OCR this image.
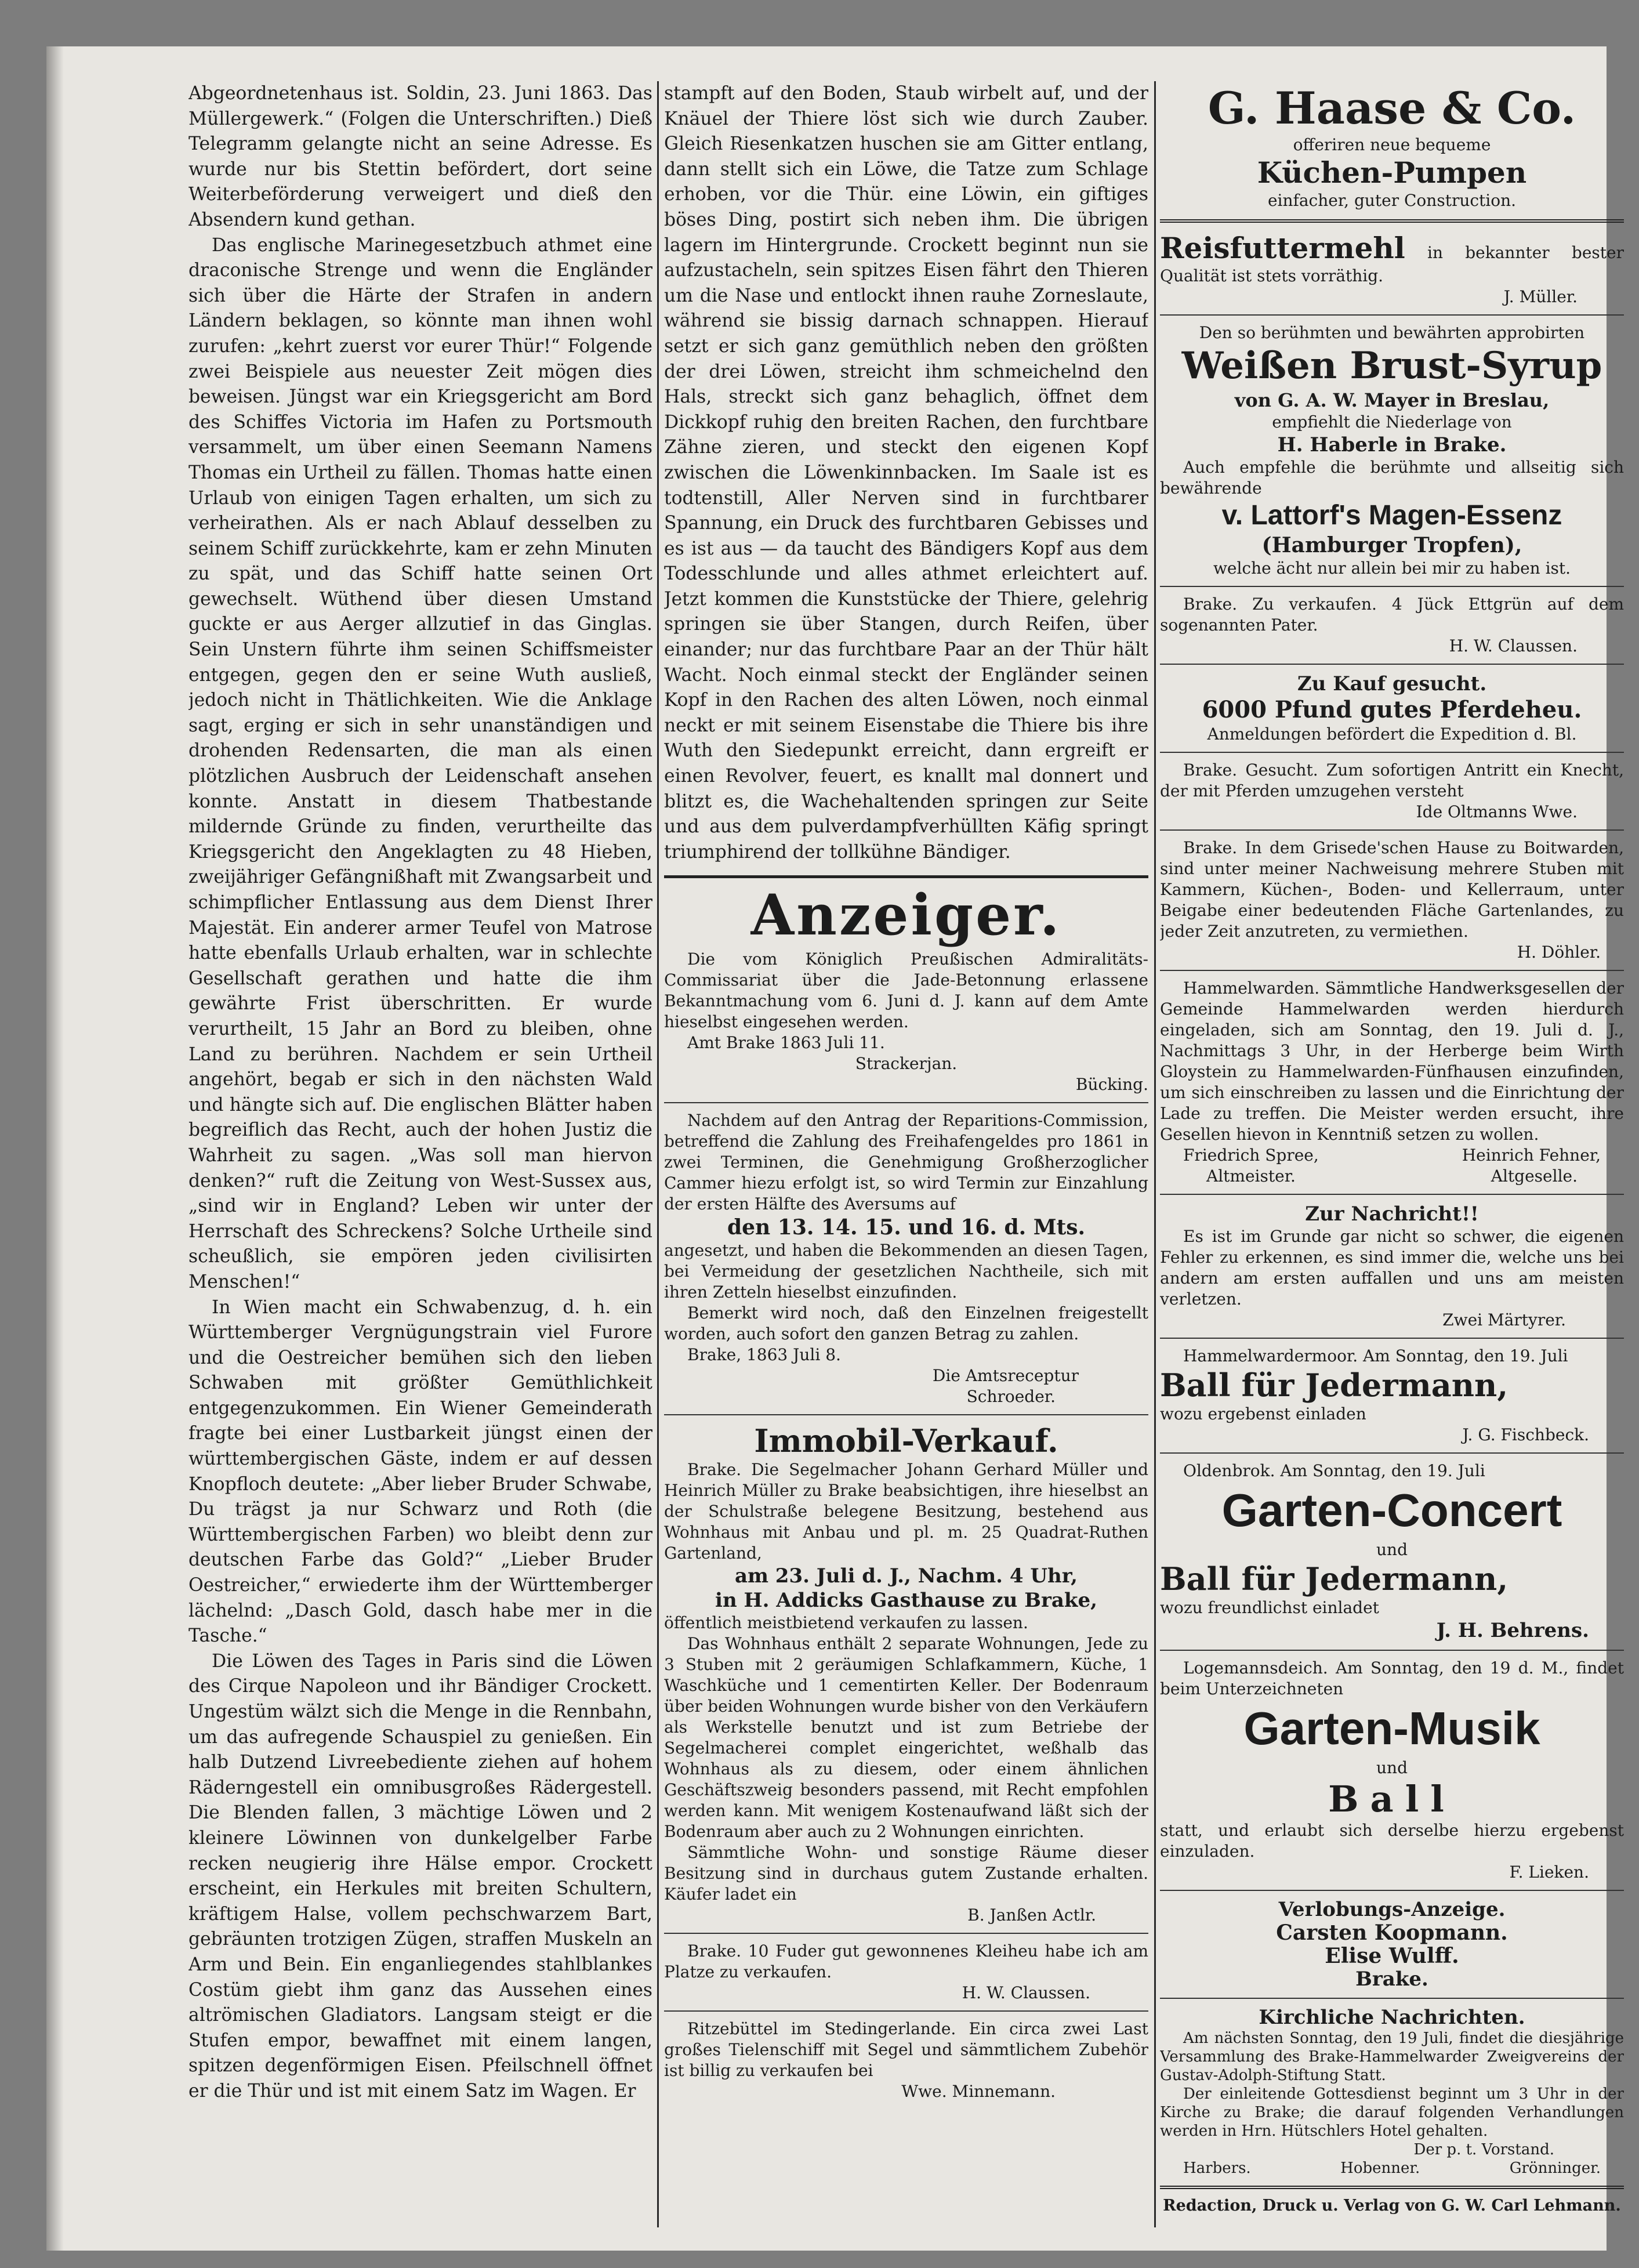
Abgeordnetenhaus ist. Soldin, 23. Juni 1863. Das Müllergewerk.“ (Folgen die Unterschriften.) Dieß Telegramm gelangte nicht an seine Adresse. Es wurde nur bis Stettin befördert, dort seine Weiterbeförderung verweigert und dieß den Absendern kund gethan.

Das englische Marinegesetzbuch athmet eine draconische Strenge und wenn die Engländer sich über die Härte der Strafen in andern Ländern beklagen, so könnte man ihnen wohl zurufen: „kehrt zuerst vor eurer Thür!“ Folgende zwei Beispiele aus neuester Zeit mögen dies beweisen. Jüngst war ein Kriegsgericht am Bord des Schiffes Victoria im Hafen zu Portsmouth versammelt, um über einen Seemann Namens Thomas ein Urtheil zu fällen. Thomas hatte einen Urlaub von einigen Tagen erhalten, um sich zu verheirathen. Als er nach Ablauf desselben zu seinem Schiff zurückkehrte, kam er zehn Minuten zu spät, und das Schiff hatte seinen Ort gewechselt. Wüthend über diesen Umstand guckte er aus Aerger allzutief in das Ginglas. Sein Unstern führte ihm seinen Schiffsmeister entgegen, gegen den er seine Wuth ausließ, jedoch nicht in Thätlichkeiten. Wie die Anklage sagt, erging er sich in sehr unanständigen und drohenden Redensarten, die man als einen plötzlichen Ausbruch der Leidenschaft ansehen konnte. Anstatt in diesem Thatbestande mildernde Gründe zu finden, verurtheilte das Kriegsgericht den Angeklagten zu 48 Hieben, zweijähriger Gefängnißhaft mit Zwangsarbeit und schimpflicher Entlassung aus dem Dienst Ihrer Majestät. Ein anderer armer Teufel von Matrose hatte ebenfalls Urlaub erhalten, war in schlechte Gesellschaft gerathen und hatte die ihm gewährte Frist überschritten. Er wurde verurtheilt, 15 Jahr an Bord zu bleiben, ohne Land zu berühren. Nachdem er sein Urtheil angehört, begab er sich in den nächsten Wald und hängte sich auf. Die englischen Blätter haben begreiflich das Recht, auch der hohen Justiz die Wahrheit zu sagen. „Was soll man hiervon denken?“ ruft die Zeitung von West-Sussex aus, „sind wir in England? Leben wir unter der Herrschaft des Schreckens? Solche Urtheile sind scheußlich, sie empören jeden civilisirten Menschen!“

In Wien macht ein Schwabenzug, d. h. ein Württemberger Vergnügungstrain viel Furore und die Oestreicher bemühen sich den lieben Schwaben mit größter Gemüthlichkeit entgegenzukommen. Ein Wiener Gemeinderath fragte bei einer Lustbarkeit jüngst einen der württembergischen Gäste, indem er auf dessen Knopfloch deutete: „Aber lieber Bruder Schwabe, Du trägst ja nur Schwarz und Roth (die Württembergischen Farben) wo bleibt denn zur deutschen Farbe das Gold?“ „Lieber Bruder Oestreicher,“ erwiederte ihm der Württemberger lächelnd: „Dasch Gold, dasch habe mer in die Tasche.“

Die Löwen des Tages in Paris sind die Löwen des Cirque Napoleon und ihr Bändiger Crockett. Ungestüm wälzt sich die Menge in die Rennbahn, um das aufregende Schauspiel zu genießen. Ein halb Dutzend Livreebediente ziehen auf hohem Räderngestell ein omnibusgroßes Rädergestell. Die Blenden fallen, 3 mächtige Löwen und 2 kleinere Löwinnen von dunkelgelber Farbe recken neugierig ihre Hälse empor. Crockett erscheint, ein Herkules mit breiten Schultern, kräftigem Halse, vollem pechschwarzem Bart, gebräunten trotzigen Zügen, straffen Muskeln an Arm und Bein. Ein enganliegendes stahlblankes Costüm giebt ihm ganz das Aussehen eines altrömischen Gladiators. Langsam steigt er die Stufen empor, bewaffnet mit einem langen, spitzen degenförmigen Eisen. Pfeilschnell öffnet er die Thür und ist mit einem Satz im Wagen. Er

stampft auf den Boden, Staub wirbelt auf, und der Knäuel der Thiere löst sich wie durch Zauber. Gleich Riesenkatzen huschen sie am Gitter entlang, dann stellt sich ein Löwe, die Tatze zum Schlage erhoben, vor die Thür. eine Löwin, ein giftiges böses Ding, postirt sich neben ihm. Die übrigen lagern im Hintergrunde. Crockett beginnt nun sie aufzustacheln, sein spitzes Eisen fährt den Thieren um die Nase und entlockt ihnen rauhe Zorneslaute, während sie bissig darnach schnappen. Hierauf setzt er sich ganz gemüthlich neben den größten der drei Löwen, streicht ihm schmeichelnd den Hals, streckt sich ganz behaglich, öffnet dem Dickkopf ruhig den breiten Rachen, den furchtbare Zähne zieren, und steckt den eigenen Kopf zwischen die Löwenkinnbacken. Im Saale ist es todtenstill, Aller Nerven sind in furchtbarer Spannung, ein Druck des furchtbaren Gebisses und es ist aus — da taucht des Bändigers Kopf aus dem Todesschlunde und alles athmet erleichtert auf. Jetzt kommen die Kunststücke der Thiere, gelehrig springen sie über Stangen, durch Reifen, über einander; nur das furchtbare Paar an der Thür hält Wacht. Noch einmal steckt der Engländer seinen Kopf in den Rachen des alten Löwen, noch einmal neckt er mit seinem Eisenstabe die Thiere bis ihre Wuth den Siedepunkt erreicht, dann ergreift er einen Revolver, feuert, es knallt mal donnert und blitzt es, die Wachehaltenden springen zur Seite und aus dem pulverdampfverhüllten Käfig springt triumphirend der tollkühne Bändiger.

Anzeiger.

Die vom Königlich Preußischen Admiralitäts-Commissariat über die Jade-Betonnung erlassene Bekanntmachung vom 6. Juni d. J. kann auf dem Amte hieselbst eingesehen werden.

Amt Brake 1863 Juli 11.

Strackerjan.

Bücking.

Nachdem auf den Antrag der Reparitions-Commission, betreffend die Zahlung des Freihafengeldes pro 1861 in zwei Terminen, die Genehmigung Großherzoglicher Cammer hiezu erfolgt ist, so wird Termin zur Einzahlung der ersten Hälfte des Aversums auf

den 13. 14. 15. und 16. d. Mts.

angesetzt, und haben die Bekommenden an diesen Tagen, bei Vermeidung der gesetzlichen Nachtheile, sich mit ihren Zetteln hieselbst einzufinden.

Bemerkt wird noch, daß den Einzelnen freigestellt worden, auch sofort den ganzen Betrag zu zahlen.

Brake, 1863 Juli 8.

Die Amtsreceptur

Schroeder.

Immobil-Verkauf.

Brake. Die Segelmacher Johann Gerhard Müller und Heinrich Müller zu Brake beabsichtigen, ihre hieselbst an der Schulstraße belegene Besitzung, bestehend aus Wohnhaus mit Anbau und pl. m. 25 Quadrat-Ruthen Gartenland,

am 23. Juli d. J., Nachm. 4 Uhr,

in H. Addicks Gasthause zu Brake,

öffentlich meistbietend verkaufen zu lassen.

Das Wohnhaus enthält 2 separate Wohnungen, Jede zu 3 Stuben mit 2 geräumigen Schlafkammern, Küche, 1 Waschküche und 1 cementirten Keller. Der Bodenraum über beiden Wohnungen wurde bisher von den Verkäufern als Werkstelle benutzt und ist zum Betriebe der Segelmacherei complet eingerichtet, weßhalb das Wohnhaus als zu diesem, oder einem ähnlichen Geschäftszweig besonders passend, mit Recht empfohlen werden kann. Mit wenigem Kostenaufwand läßt sich der Bodenraum aber auch zu 2 Wohnungen einrichten.

Sämmtliche Wohn- und sonstige Räume dieser Besitzung sind in durchaus gutem Zustande erhalten. Käufer ladet ein

B. Janßen Actlr.

Brake. 10 Fuder gut gewonnenes Kleiheu habe ich am Platze zu verkaufen.

H. W. Claussen.

Ritzebüttel im Stedingerlande. Ein circa zwei Last großes Tielenschiff mit Segel und sämmtlichem Zubehör ist billig zu verkaufen bei

Wwe. Minnemann.

G. Haase & Co.

offeriren neue bequeme

Küchen-Pumpen

einfacher, guter Construction.

Reisfuttermehl in bekannter bester Qualität ist stets vorräthig.

J. Müller.

Den so berühmten und bewährten approbirten

Weißen Brust-Syrup

von G. A. W. Mayer in Breslau,

empfiehlt die Niederlage von

H. Haberle in Brake.

Auch empfehle die berühmte und allseitig sich bewährende

v. Lattorf's Magen-Essenz

(Hamburger Tropfen),

welche ächt nur allein bei mir zu haben ist.

Brake. Zu verkaufen. 4 Jück Ettgrün auf dem sogenannten Pater.

H. W. Claussen.

Zu Kauf gesucht.

6000 Pfund gutes Pferdeheu.

Anmeldungen befördert die Expedition d. Bl.

Brake. Gesucht. Zum sofortigen Antritt ein Knecht, der mit Pferden umzugehen versteht

Ide Oltmanns Wwe.

Brake. In dem Grisede'schen Hause zu Boitwarden, sind unter meiner Nachweisung mehrere Stuben mit Kammern, Küchen-, Boden- und Kellerraum, unter Beigabe einer bedeutenden Fläche Gartenlandes, zu jeder Zeit anzutreten, zu vermiethen.

H. Döhler.

Hammelwarden. Sämmtliche Handwerksgesellen der Gemeinde Hammelwarden werden hierdurch eingeladen, sich am Sonntag, den 19. Juli d. J., Nachmittags 3 Uhr, in der Herberge beim Wirth Gloystein zu Hammelwarden-Fünfhausen einzufinden, um sich einschreiben zu lassen und die Einrichtung der Lade zu treffen. Die Meister werden ersucht, ihre Gesellen hievon in Kenntniß setzen zu wollen.

Friedrich Spree,	Heinrich Fehner,
Altmeister.	Altgeselle.

Zur Nachricht!!

Es ist im Grunde gar nicht so schwer, die eigenen Fehler zu erkennen, es sind immer die, welche uns bei andern am ersten auffallen und uns am meisten verletzen.

Zwei Märtyrer.

Hammelwardermoor. Am Sonntag, den 19. Juli

Ball für Jedermann,

wozu ergebenst einladen

J. G. Fischbeck.

Oldenbrok. Am Sonntag, den 19. Juli

Garten-Concert

und

Ball für Jedermann,

wozu freundlichst einladet

J. H. Behrens.

Logemannsdeich. Am Sonntag, den 19 d. M., findet beim Unterzeichneten

Garten-Musik

und

Ball

statt, und erlaubt sich derselbe hierzu ergebenst einzuladen.

F. Lieken.

Verlobungs-Anzeige.

Carsten Koopmann.

Elise Wulff.

Brake.

Kirchliche Nachrichten.

Am nächsten Sonntag, den 19 Juli, findet die diesjährige Versammlung des Brake-Hammelwarder Zweigvereins der Gustav-Adolph-Stiftung Statt.

Der einleitende Gottesdienst beginnt um 3 Uhr in der Kirche zu Brake; die darauf folgenden Verhandlungen werden in Hrn. Hütschlers Hotel gehalten.

Der p. t. Vorstand.

Harbers.	Hobenner.	Grönninger.

Redaction, Druck u. Verlag von G. W. Carl Lehmann.
